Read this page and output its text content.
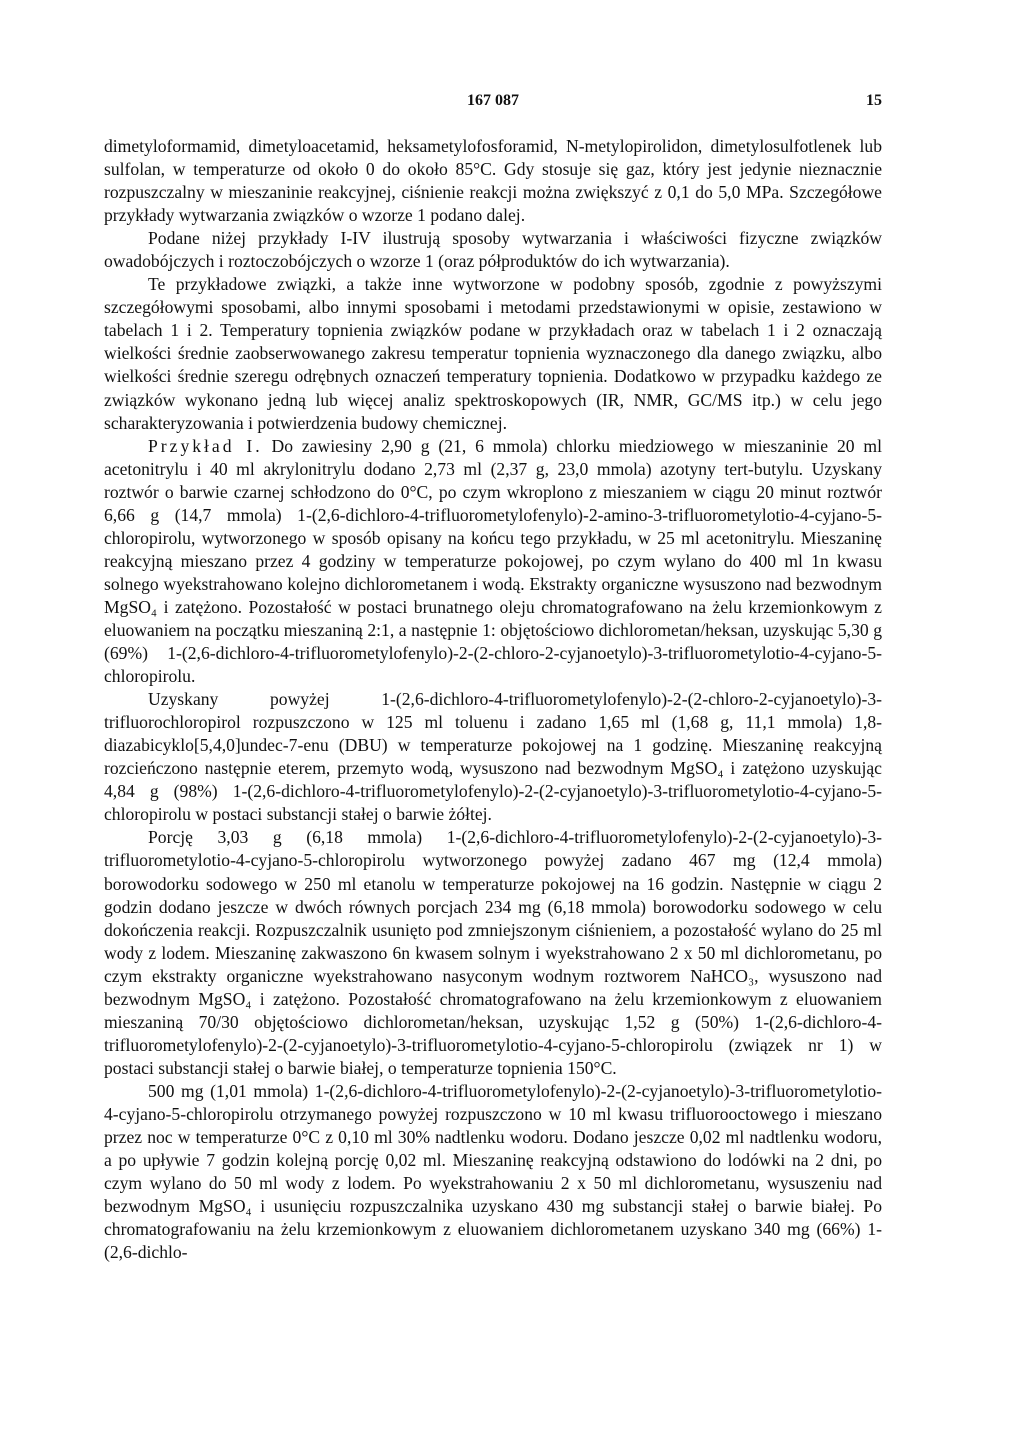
167 087	15

dimetyloformamid, dimetyloacetamid, heksametylofosforamid, N-metylopirolidon, dimetylosulfotlenek lub sulfolan, w temperaturze od około 0 do około 85°C. Gdy stosuje się gaz, który jest jedynie nieznacznie rozpuszczalny w mieszaninie reakcyjnej, ciśnienie reakcji można zwiększyć z 0,1 do 5,0 MPa. Szczegółowe przykłady wytwarzania związków o wzorze 1 podano dalej.

Podane niżej przykłady I-IV ilustrują sposoby wytwarzania i właściwości fizyczne związków owadobójczych i roztoczobójczych o wzorze 1 (oraz półproduktów do ich wytwarzania).

Te przykładowe związki, a także inne wytworzone w podobny sposób, zgodnie z powyższymi szczegółowymi sposobami, albo innymi sposobami i metodami przedstawionymi w opisie, zestawiono w tabelach 1 i 2. Temperatury topnienia związków podane w przykładach oraz w tabelach 1 i 2 oznaczają wielkości średnie zaobserwowanego zakresu temperatur topnienia wyznaczonego dla danego związku, albo wielkości średnie szeregu odrębnych oznaczeń temperatury topnienia. Dodatkowo w przypadku każdego ze związków wykonano jedną lub więcej analiz spektroskopowych (IR, NMR, GC/MS itp.) w celu jego scharakteryzowania i potwierdzenia budowy chemicznej.

Przykład I. Do zawiesiny 2,90 g (21, 6 mmola) chlorku miedziowego w mieszaninie 20 ml acetonitrylu i 40 ml akrylonitrylu dodano 2,73 ml (2,37 g, 23,0 mmola) azotyny tert-butylu. Uzyskany roztwór o barwie czarnej schłodzono do 0°C, po czym wkroplono z mieszaniem w ciągu 20 minut roztwór 6,66 g (14,7 mmola) 1-(2,6-dichloro-4-trifluorometylofenylo)-2-amino-3-trifluorometylotio-4-cyjano-5-chloropirolu, wytworzonego w sposób opisany na końcu tego przykładu, w 25 ml acetonitrylu. Mieszaninę reakcyjną mieszano przez 4 godziny w temperaturze pokojowej, po czym wylano do 400 ml 1n kwasu solnego wyekstrahowano kolejno dichlorometanem i wodą. Ekstrakty organiczne wysuszono nad bezwodnym MgSO₄ i zatężono. Pozostałość w postaci brunatnego oleju chromatografowano na żelu krzemionkowym z eluowaniem na początku mieszaniną 2:1, a następnie 1: objętościowo dichlorometan/heksan, uzyskując 5,30 g (69%) 1-(2,6-dichloro-4-trifluorometylofenylo)-2-(2-chloro-2-cyjanoetylo)-3-trifluorometylotio-4-cyjano-5-chloropirolu.

Uzyskany powyżej 1-(2,6-dichloro-4-trifluorometylofenylo)-2-(2-chloro-2-cyjanoetylo)-3-trifluorochloropirol rozpuszczono w 125 ml toluenu i zadano 1,65 ml (1,68 g, 11,1 mmola) 1,8-diazabicyklo[5,4,0]undec-7-enu (DBU) w temperaturze pokojowej na 1 godzinę. Mieszaninę reakcyjną rozcieńczono następnie eterem, przemyto wodą, wysuszono nad bezwodnym MgSO₄ i zatężono uzyskując 4,84 g (98%) 1-(2,6-dichloro-4-trifluorometylofenylo)-2-(2-cyjanoetylo)-3-trifluorometylotio-4-cyjano-5-chloropirolu w postaci substancji stałej o barwie żółtej.

Porcję 3,03 g (6,18 mmola) 1-(2,6-dichloro-4-trifluorometylofenylo)-2-(2-cyjanoetylo)-3-trifluorometylotio-4-cyjano-5-chloropirolu wytworzonego powyżej zadano 467 mg (12,4 mmola) borowodorku sodowego w 250 ml etanolu w temperaturze pokojowej na 16 godzin. Następnie w ciągu 2 godzin dodano jeszcze w dwóch równych porcjach 234 mg (6,18 mmola) borowodorku sodowego w celu dokończenia reakcji. Rozpuszczalnik usunięto pod zmniejszonym ciśnieniem, a pozostałość wylano do 25 ml wody z lodem. Mieszaninę zakwaszono 6n kwasem solnym i wyekstrahowano 2 x 50 ml dichlorometanu, po czym ekstrakty organiczne wyekstrahowano nasyconym wodnym roztworem NaHCO₃, wysuszono nad bezwodnym MgSO₄ i zatężono. Pozostałość chromatografowano na żelu krzemionkowym z eluowaniem mieszaniną 70/30 objętościowo dichlorometan/heksan, uzyskując 1,52 g (50%) 1-(2,6-dichloro-4-trifluorometylofenylo)-2-(2-cyjanoetylo)-3-trifluorometylotio-4-cyjano-5-chloropirolu (związek nr 1) w postaci substancji stałej o barwie białej, o temperaturze topnienia 150°C.

500 mg (1,01 mmola) 1-(2,6-dichloro-4-trifluorometylofenylo)-2-(2-cyjanoetylo)-3-trifluorometylotio-4-cyjano-5-chloropirolu otrzymanego powyżej rozpuszczono w 10 ml kwasu trifluorooctowego i mieszano przez noc w temperaturze 0°C z 0,10 ml 30% nadtlenku wodoru. Dodano jeszcze 0,02 ml nadtlenku wodoru, a po upływie 7 godzin kolejną porcję 0,02 ml. Mieszaninę reakcyjną odstawiono do lodówki na 2 dni, po czym wylano do 50 ml wody z lodem. Po wyekstrahowaniu 2 x 50 ml dichlorometanu, wysuszeniu nad bezwodnym MgSO₄ i usunięciu rozpuszczalnika uzyskano 430 mg substancji stałej o barwie białej. Po chromatografowaniu na żelu krzemionkowym z eluowaniem dichlorometanem uzyskano 340 mg (66%) 1-(2,6-dichlo-
